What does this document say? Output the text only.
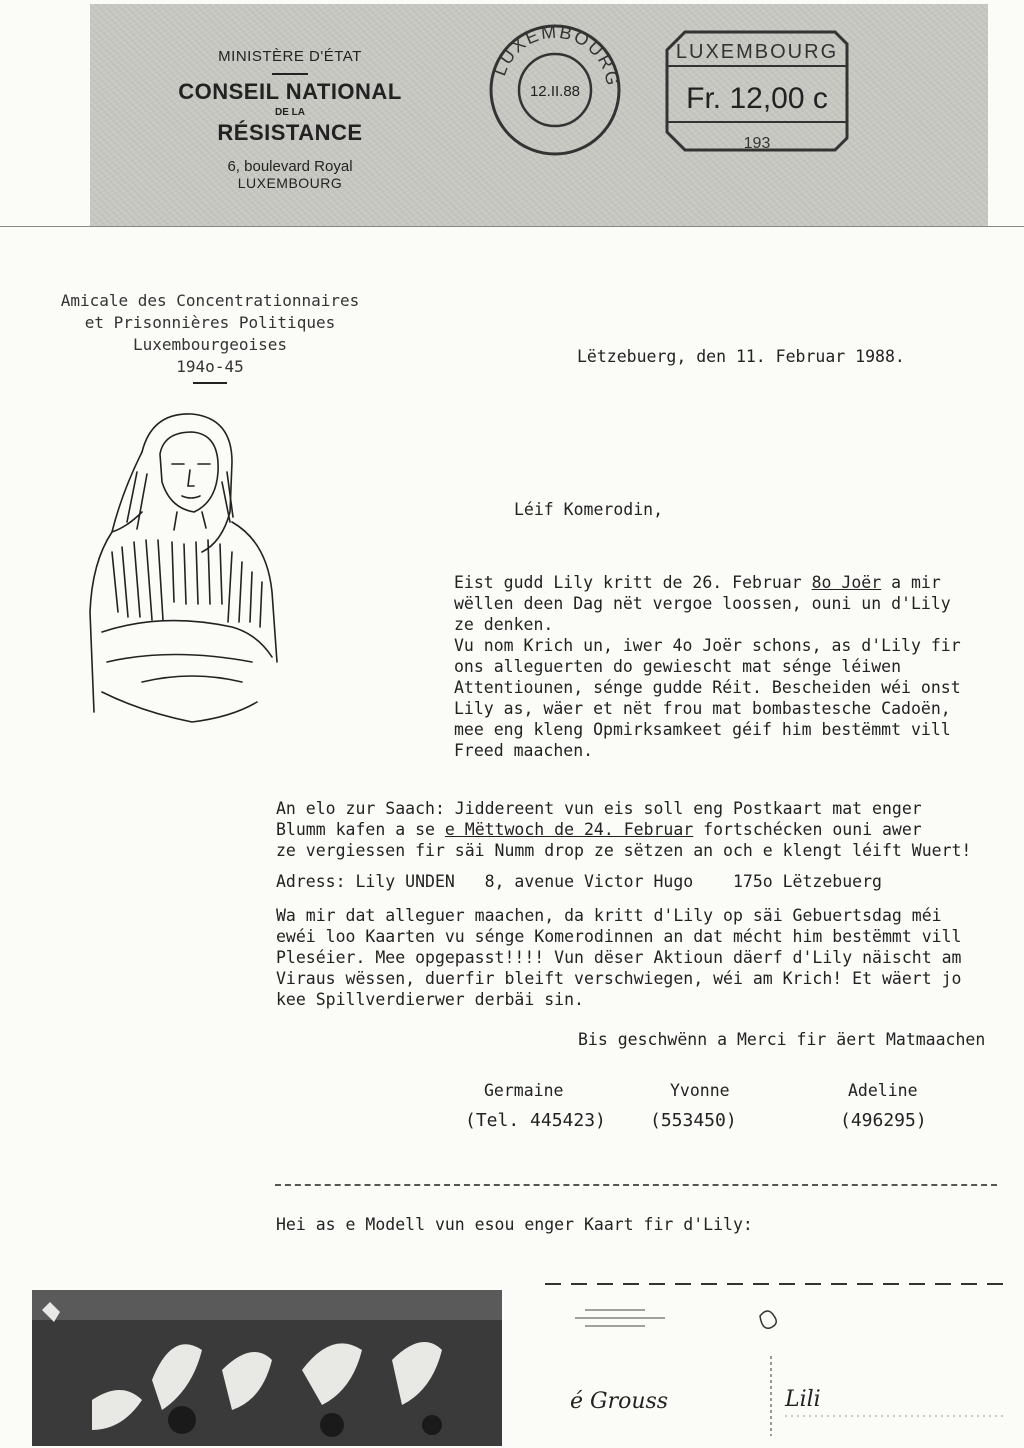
MINISTÈRE D'ÉTAT
CONSEIL NATIONAL
DE LA
RÉSISTANCE
6, boulevard Royal
LUXEMBOURG
LUXEMBOURG
12.II.88
LUXEMBOURG
Fr. 12,00 c
193
Amicale des Concentrationnaires
et Prisonnières Politiques
Luxembourgeoises
194o-45
Lëtzebuerg, den 11. Februar 1988.
Léif Komerodin,
Eist gudd Lily kritt de 26. Februar 8o Joër a mir
wëllen deen Dag nët vergoe loossen, ouni un d'Lily
ze denken.
Vu nom Krich un, iwer 4o Joër schons, as d'Lily fir
ons alleguerten do gewiescht mat sénge léiwen
Attentiounen, sénge gudde Réit. Bescheiden wéi onst
Lily as, wäer et nët frou mat bombastesche Cadoën,
mee eng kleng Opmirksamkeet géif him bestëmmt vill
Freed maachen.
An elo zur Saach: Jiddereent vun eis soll eng Postkaart mat enger
Blumm kafen a se e Mëttwoch de 24. Februar fortschécken ouni awer
ze vergiessen fir säi Numm drop ze sëtzen an och e klengt léift Wuert!
Adress: Lily UNDEN   8, avenue Victor Hugo    175o Lëtzebuerg
Wa mir dat alleguer maachen, da kritt d'Lily op säi Gebuertsdag méi
ewéi loo Kaarten vu sénge Komerodinnen an dat mécht him bestëmmt vill
Pleséier. Mee opgepasst!!!! Vun dëser Aktioun däerf d'Lily näischt am
Viraus wëssen, duerfir bleift verschwiegen, wéi am Krich! Et wäert jo
kee Spillverdierwer derbäi sin.
Bis geschwënn a Merci fir äert Matmaachen
Germaine	Yvonne	Adeline
(Tel. 445423) (553450)	(496295)
Hei as e Modell vun esou enger Kaart fir d'Lily:
é Grouss	Lili
